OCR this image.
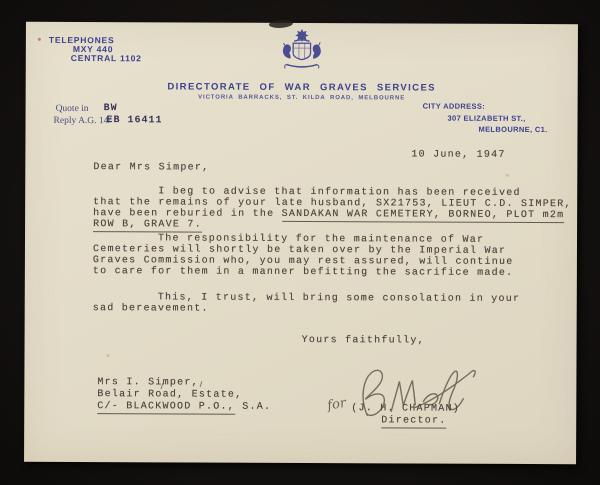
TELEPHONES
MXY 440
CENTRAL 1102
DIRECTORATE OF WAR GRAVES SERVICES
VICTORIA BARRACKS, ST. KILDA ROAD, MELBOURNE
Quote in BW
Reply A.G. 14/
EB 16411
CITY ADDRESS:
307 ELIZABETH ST.,
MELBOURNE, C1.
10 June, 1947
Dear Mrs Simper,
I beg to advise that information has been received
that the remains of your late husband, SX21753, LIEUT C.D. SIMPER,
have been reburied in the SANDAKAN WAR CEMETERY, BORNEO, PLOT m2m
ROW B, GRAVE 7.
The responsibility for the maintenance of War
Cemeteries will shortly be taken over by the Imperial War
Graves Commission who, you may rest assured, will continue
to care for them in a manner befitting the sacrifice made.
This, I trust, will bring some consolation in your
sad bereavement.
Yours faithfully,
for (J. H. CHAPMAN)
Director.
Mrs I. Simper,
Belair Road, Estate,
C/- BLACKWOOD P.O., S.A.
